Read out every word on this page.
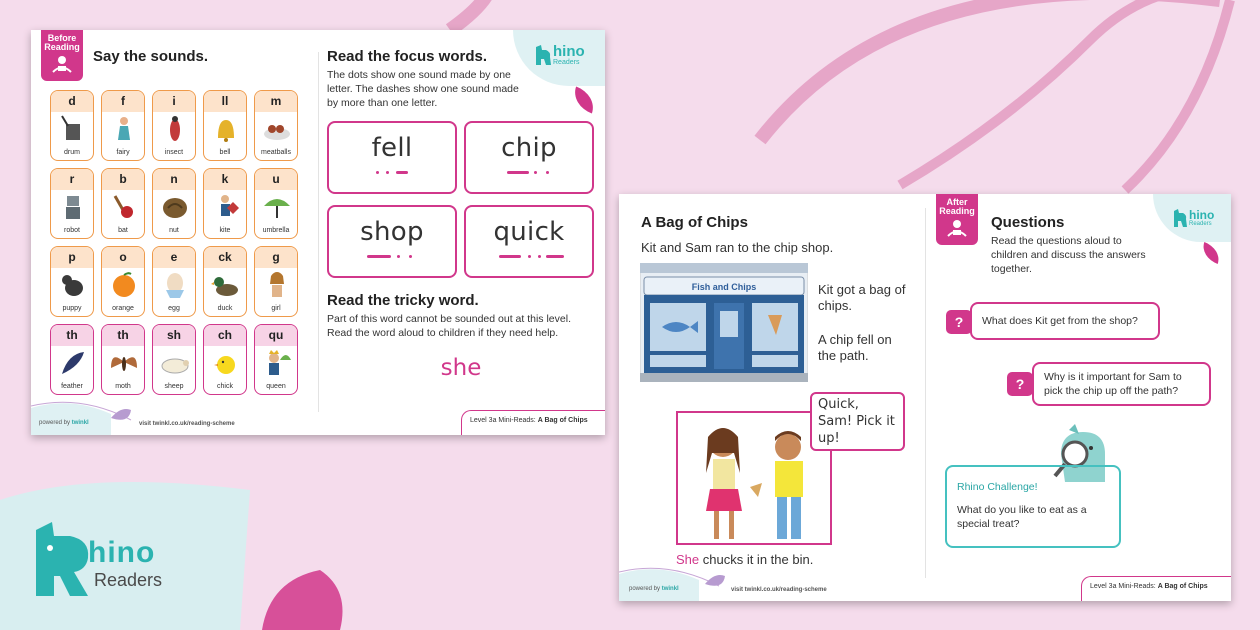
hino
Readers
Before Reading
Say the sounds.
d
drum
f
fairy
i
insect
ll
bell
m
meatballs
r
robot
b
bat
n
nut
k
kite
u
umbrella
p
puppy
o
orange
e
egg
ck
duck
g
girl
th
feather
th
moth
sh
sheep
ch
chick
qu
queen
Read the focus words.
The dots show one sound made by one letter. The dashes show one sound made by more than one letter.
hino
Readers
fell	chip
shop	quick
Read the tricky word.
Part of this word cannot be sounded out at this level. Read the word aloud to children if they need help.
she
powered by twinkl	visit twinkl.co.uk/reading-scheme	Level 3a Mini-Reads: A Bag of Chips
A Bag of Chips
Kit and Sam ran to the chip shop.
Fish and Chips	Kit got a bag of chips.
A chip fell on the path.
Quick, Sam! Pick it up!
She chucks it in the bin.
After Reading
Questions
Read the questions aloud to children and discuss the answers together.
hino
Readers
?	What does Kit get from the shop?
?	Why is it important for Sam to pick the chip up off the path?
Rhino Challenge!
What do you like to eat as a special treat?
powered by twinkl	visit twinkl.co.uk/reading-scheme	Level 3a Mini-Reads: A Bag of Chips
